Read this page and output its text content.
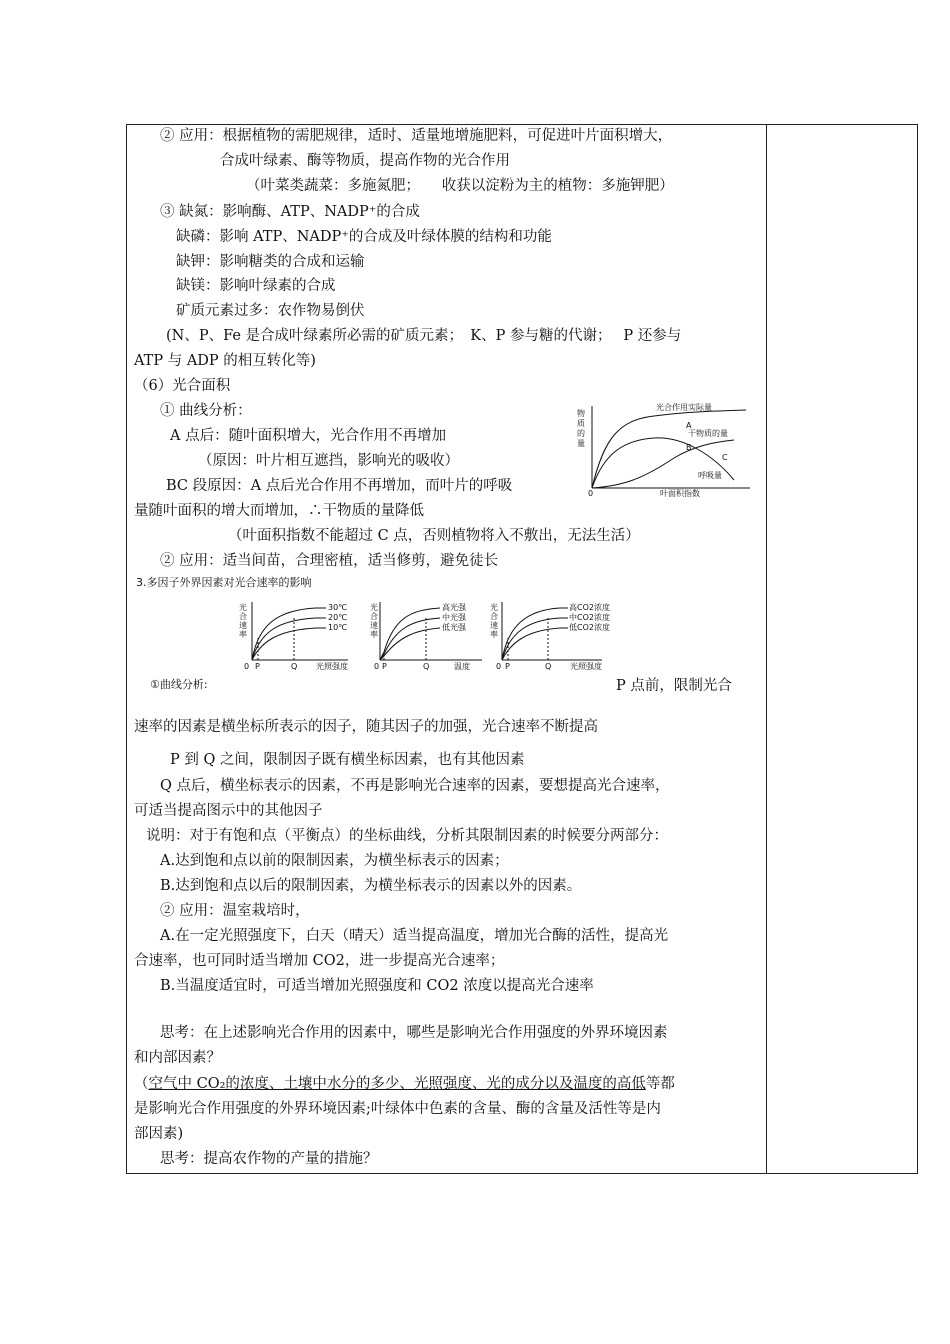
② 应用：根据植物的需肥规律，适时、适量地增施肥料，可促进叶片面积增大，
合成叶绿素、酶等物质，提高作物的光合作用
（叶菜类蔬菜：多施氮肥；　　收获以淀粉为主的植物：多施钾肥）
③ 缺氮：影响酶、ATP、NADP⁺的合成
缺磷：影响 ATP、NADP⁺的合成及叶绿体膜的结构和功能
缺钾：影响糖类的合成和运输
缺镁：影响叶绿素的合成
矿质元素过多：农作物易倒伏
(N、P、Fe 是合成叶绿素所必需的矿质元素；　K、P 参与糖的代谢；　 P 还参与
ATP 与 ADP 的相互转化等)
（6）光合面积
① 曲线分析：
A 点后：随叶面积增大，光合作用不再增加
（原因：叶片相互遮挡，影响光的吸收）
BC 段原因：A 点后光合作用不再增加，而叶片的呼吸
量随叶面积的增大而增加，∴干物质的量降低
（叶面积指数不能超过 C 点，否则植物将入不敷出，无法生活）
② 应用：适当间苗，合理密植，适当修剪，避免徒长
3.多因子外界因素对光合速率的影响
①曲线分析:	P 点前，限制光合
速率的因素是横坐标所表示的因子，随其因子的加强，光合速率不断提高
P 到 Q 之间，限制因子既有横坐标因素，也有其他因素
Q 点后，横坐标表示的因素，不再是影响光合速率的因素，要想提高光合速率，
可适当提高图示中的其他因子
说明：对于有饱和点（平衡点）的坐标曲线，分析其限制因素的时候要分两部分：
A.达到饱和点以前的限制因素，为横坐标表示的因素；
B.达到饱和点以后的限制因素，为横坐标表示的因素以外的因素。
② 应用：温室栽培时，
A.在一定光照强度下，白天（晴天）适当提高温度，增加光合酶的活性，提高光
合速率，也可同时适当增加 CO2，进一步提高光合速率；
B.当温度适宜时，可适当增加光照强度和 CO2 浓度以提高光合速率
思考：在上述影响光合作用的因素中，哪些是影响光合作用强度的外界环境因素
和内部因素？
（空气中 CO₂的浓度、土壤中水分的多少、光照强度、光的成分以及温度的高低等都
是影响光合作用强度的外界环境因素;叶绿体中色素的含量、酶的含量及活性等是内
部因素)
思考：提高农作物的产量的措施？
物
质
的
量
光合作用实际量
干物质的量
呼吸量
叶面积指数
A
B
C
0
光
合
速
率
30℃
20℃
10℃
0 P	Q 光照强度
光
合
速
率
高光强
中光强
低光强
0 P	Q	温度
光
合
速
率
高CO2浓度
中CO2浓度
低CO2浓度
0 P	Q 光照强度
